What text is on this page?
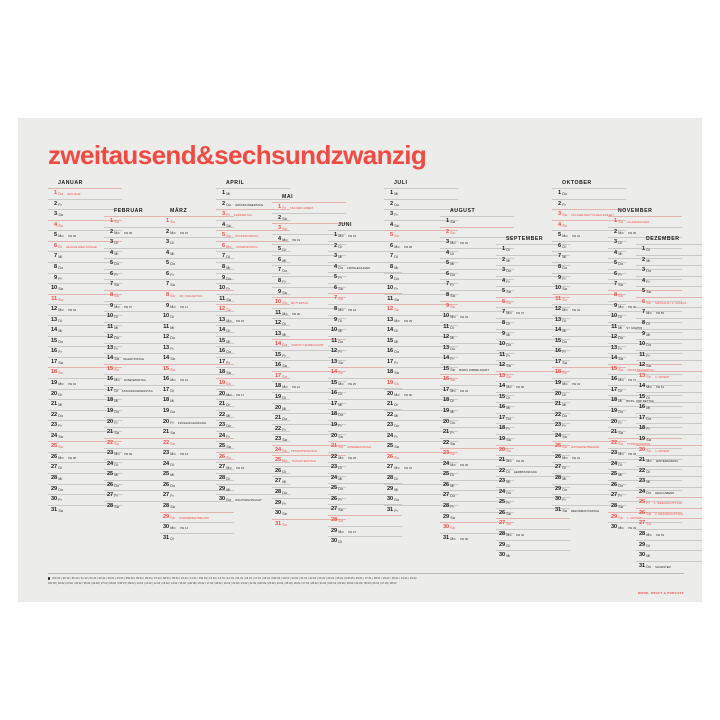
zweitausend&sechsundzwanzig
JANUAR
1 Do NEUJAHR
2 Fr
3 Sa
4 So
5 Mo KW 02
6 Di HEILIGE DREI KÖNIGE
7 Mi
8 Do
9 Fr
10 Sa
11 So
12 Mo KW 03
13 Di
14 Mi
15 Do
16 Fr
17 Sa
18 So
19 Mo KW 04
20 Di
21 Mi
22 Do
23 Fr
24 Sa
25 So
26 Mo KW 05
27 Di
28 Mi
29 Do
30 Fr
31 Sa
FEBRUAR
1 So
2 Mo KW 06
3 Di
4 Mi
5 Do
6 Fr
7 Sa
8 So
9 Mo KW 07
10 Di
11 Mi
12 Do
13 Fr
14 Sa VALENTINSTAG
15 So
16 Mo ROSENMONTAG
17 Di FASCHINGSDIENSTAG
18 Mi
19 Do
20 Fr
21 Sa
22 So
23 Mo KW 09
24 Di
25 Mi
26 Do
27 Fr
28 Sa
MÄRZ
1 So
2 Mo KW 10
3 Di
4 Mi
5 Do
6 Fr
7 Sa
8 So INT. FRAUENTAG
9 Mo KW 11
10 Di
11 Mi
12 Do
13 Fr
14 Sa
15 So
16 Mo KW 12
17 Di
18 Mi
19 Do
20 Fr FRÜHLINGSANFANG
21 Sa
22 So
23 Mo KW 13
24 Di
25 Mi
26 Do
27 Fr
28 Sa
29 So SOMMERZEITBEGINN
30 Mo KW 14
31 Di
APRIL
1 Mi
2 Do GRÜNDONNERSTAG
3 Fr KARFREITAG
4 Sa
5 So OSTERSONNTAG
6 Mo OSTERMONTAG
7 Di
8 Mi
9 Do
10 Fr
11 Sa
12 So
13 Mo KW 16
14 Di
15 Mi
16 Do
17 Fr
18 Sa
19 So
20 Mo KW 17
21 Di
22 Mi
23 Do
24 Fr
25 Sa
26 So
27 Mo KW 18
28 Di
29 Mi
30 Do WALPURGISNACHT
MAI
1 Fr TAG DER ARBEIT
2 Sa
3 So
4 Mo KW 19
5 Di
6 Mi
7 Do
8 Fr
9 Sa
10 So MUTTERTAG
11 Mo KW 20
12 Di
13 Mi
14 Do CHRISTI HIMMELFAHRT
15 Fr
16 Sa
17 So
18 Mo KW 21
19 Di
20 Mi
21 Do
22 Fr
23 Sa
24 So PFINGSTSONNTAG
25 Mo PFINGSTMONTAG
26 Di
27 Mi
28 Do
29 Fr
30 Sa
31 So
JUNI
1 Mo KW 23
2 Di
3 Mi
4 Do FRONLEICHNAM
5 Fr
6 Sa
7 So
8 Mo KW 24
9 Di
10 Mi
11 Do
12 Fr
13 Sa
14 So
15 Mo KW 25
16 Di
17 Mi
18 Do
19 Fr
20 Sa
21 So SOMMERANFANG
22 Mo KW 26
23 Di
24 Mi
25 Do
26 Fr
27 Sa
28 So
29 Mo KW 27
30 Di
JULI
1 Mi
2 Do
3 Fr
4 Sa
5 So
6 Mo KW 28
7 Di
8 Mi
9 Do
10 Fr
11 Sa
12 So
13 Mo KW 29
14 Di
15 Mi
16 Do
17 Fr
18 Sa
19 So
20 Mo KW 30
21 Di
22 Mi
23 Do
24 Fr
25 Sa
26 So
27 Mo KW 31
28 Di
29 Mi
30 Do
31 Fr
AUGUST
1 Sa
2 So
3 Mo KW 32
4 Di
5 Mi
6 Do
7 Fr
8 Sa
9 So
10 Mo KW 33
11 Di
12 Mi
13 Do
14 Fr
15 Sa MARIÄ HIMMELFAHRT
16 So
17 Mo KW 34
18 Di
19 Mi
20 Do
21 Fr
22 Sa
23 So
24 Mo KW 35
25 Di
26 Mi
27 Do
28 Fr
29 Sa
30 So
31 Mo KW 36
SEPTEMBER
1 Di
2 Mi
3 Do
4 Fr
5 Sa
6 So
7 Mo KW 37
8 Di
9 Mi
10 Do
11 Fr
12 Sa
13 So
14 Mo KW 38
15 Di
16 Mi
17 Do
18 Fr
19 Sa
20 So
21 Mo KW 39
22 Di HERBSTANFANG
23 Mi
24 Do
25 Fr
26 Sa
27 So
28 Mo KW 40
29 Di
30 Mi
OKTOBER
1 Do
2 Fr
3 Sa TAG DER DEUTSCHEN EINHEIT
4 So
5 Mo KW 41
6 Di
7 Mi
8 Do
9 Fr
10 Sa
11 So
12 Mo KW 42
13 Di
14 Mi
15 Do
16 Fr
17 Sa
18 So
19 Mo KW 43
20 Di
21 Mi
22 Do
23 Fr
24 Sa
25 So WINTERZEITBEGINN
26 Mo KW 44
27 Di
28 Mi
29 Do
30 Fr
31 Sa REFORMATIONSTAG
NOVEMBER
1 So ALLERHEILIGEN
2 Mo KW 45
3 Di
4 Mi
5 Do
6 Fr
7 Sa
8 So
9 Mo KW 46
10 Di
11 Mi ST. MARTIN
12 Do
13 Fr
14 Sa
15 So VOLKSTRAUERTAG
16 Mo KW 47
17 Di
18 Mi BUSS- UND BETTAG
19 Do
20 Fr
21 Sa
22 So TOTENSONNTAG
23 Mo KW 48
24 Di
25 Mi
26 Do
27 Fr
28 Sa
29 So 1. ADVENT
30 Mo KW 49
DEZEMBER
1 Di
2 Mi
3 Do
4 Fr
5 Sa
6 So NIKOLAUS / 2. ADVENT
7 Mo KW 50
8 Di
9 Mi
10 Do
11 Fr
12 Sa
13 So 3. ADVENT
14 Mo KW 51
15 Di
16 Mi
17 Do
18 Fr
19 Sa
20 So 4. ADVENT
21 Mo WINTERANFANG
22 Di
23 Mi
24 Do HEILIGABEND
25 Fr 1. WEIHNACHTSTAG
26 Sa 2. WEIHNACHTSTAG
27 So
28 Mo KW 53
29 Di
30 Mi
31 Do SILVESTER
KW 01 | 29.12 | 30.12 | 31.12 | 01.01 | 02.01 | 03.01 | 04.01 | KW 02 | 05.01 | 06.01 | 07.01 | 08.01 | 09.01 | 10.01 | 11.01 | KW 03 | 12.01 | 13.01 | 14.01 | 15.01 | 16.01 | 17.01 | 18.01 | KW 04 | 19.01 | 20.01 | 21.01 | 22.01 | 23.01 | 24.01 | 25.01 | KW 05 | 26.01 | 27.01 | 28.01 | 29.01 | 30.01 | 31.01 | 01.02
KW 06 | 02.02 | 03.02 | 04.02 | 05.02 | 06.02 | 07.02 | 08.02 | KW 07 | 09.02 | 10.02 | 11.02 | 12.02 | 13.02 | 14.02 | 15.02 | KW 08 | 16.02 | 17.02 | 18.02 | 19.02 | 20.02 | 21.02 | 22.02 | KW 09 | 23.02 | 24.02 | 25.02 | 26.02 | 27.02 | 28.02 | 01.03 | KW 10 | 02.03 | 03.03 | 04.03 | 05.03 | 06.03 | 07.03 | 08.03
WORK, DRAFT & PODCAST
